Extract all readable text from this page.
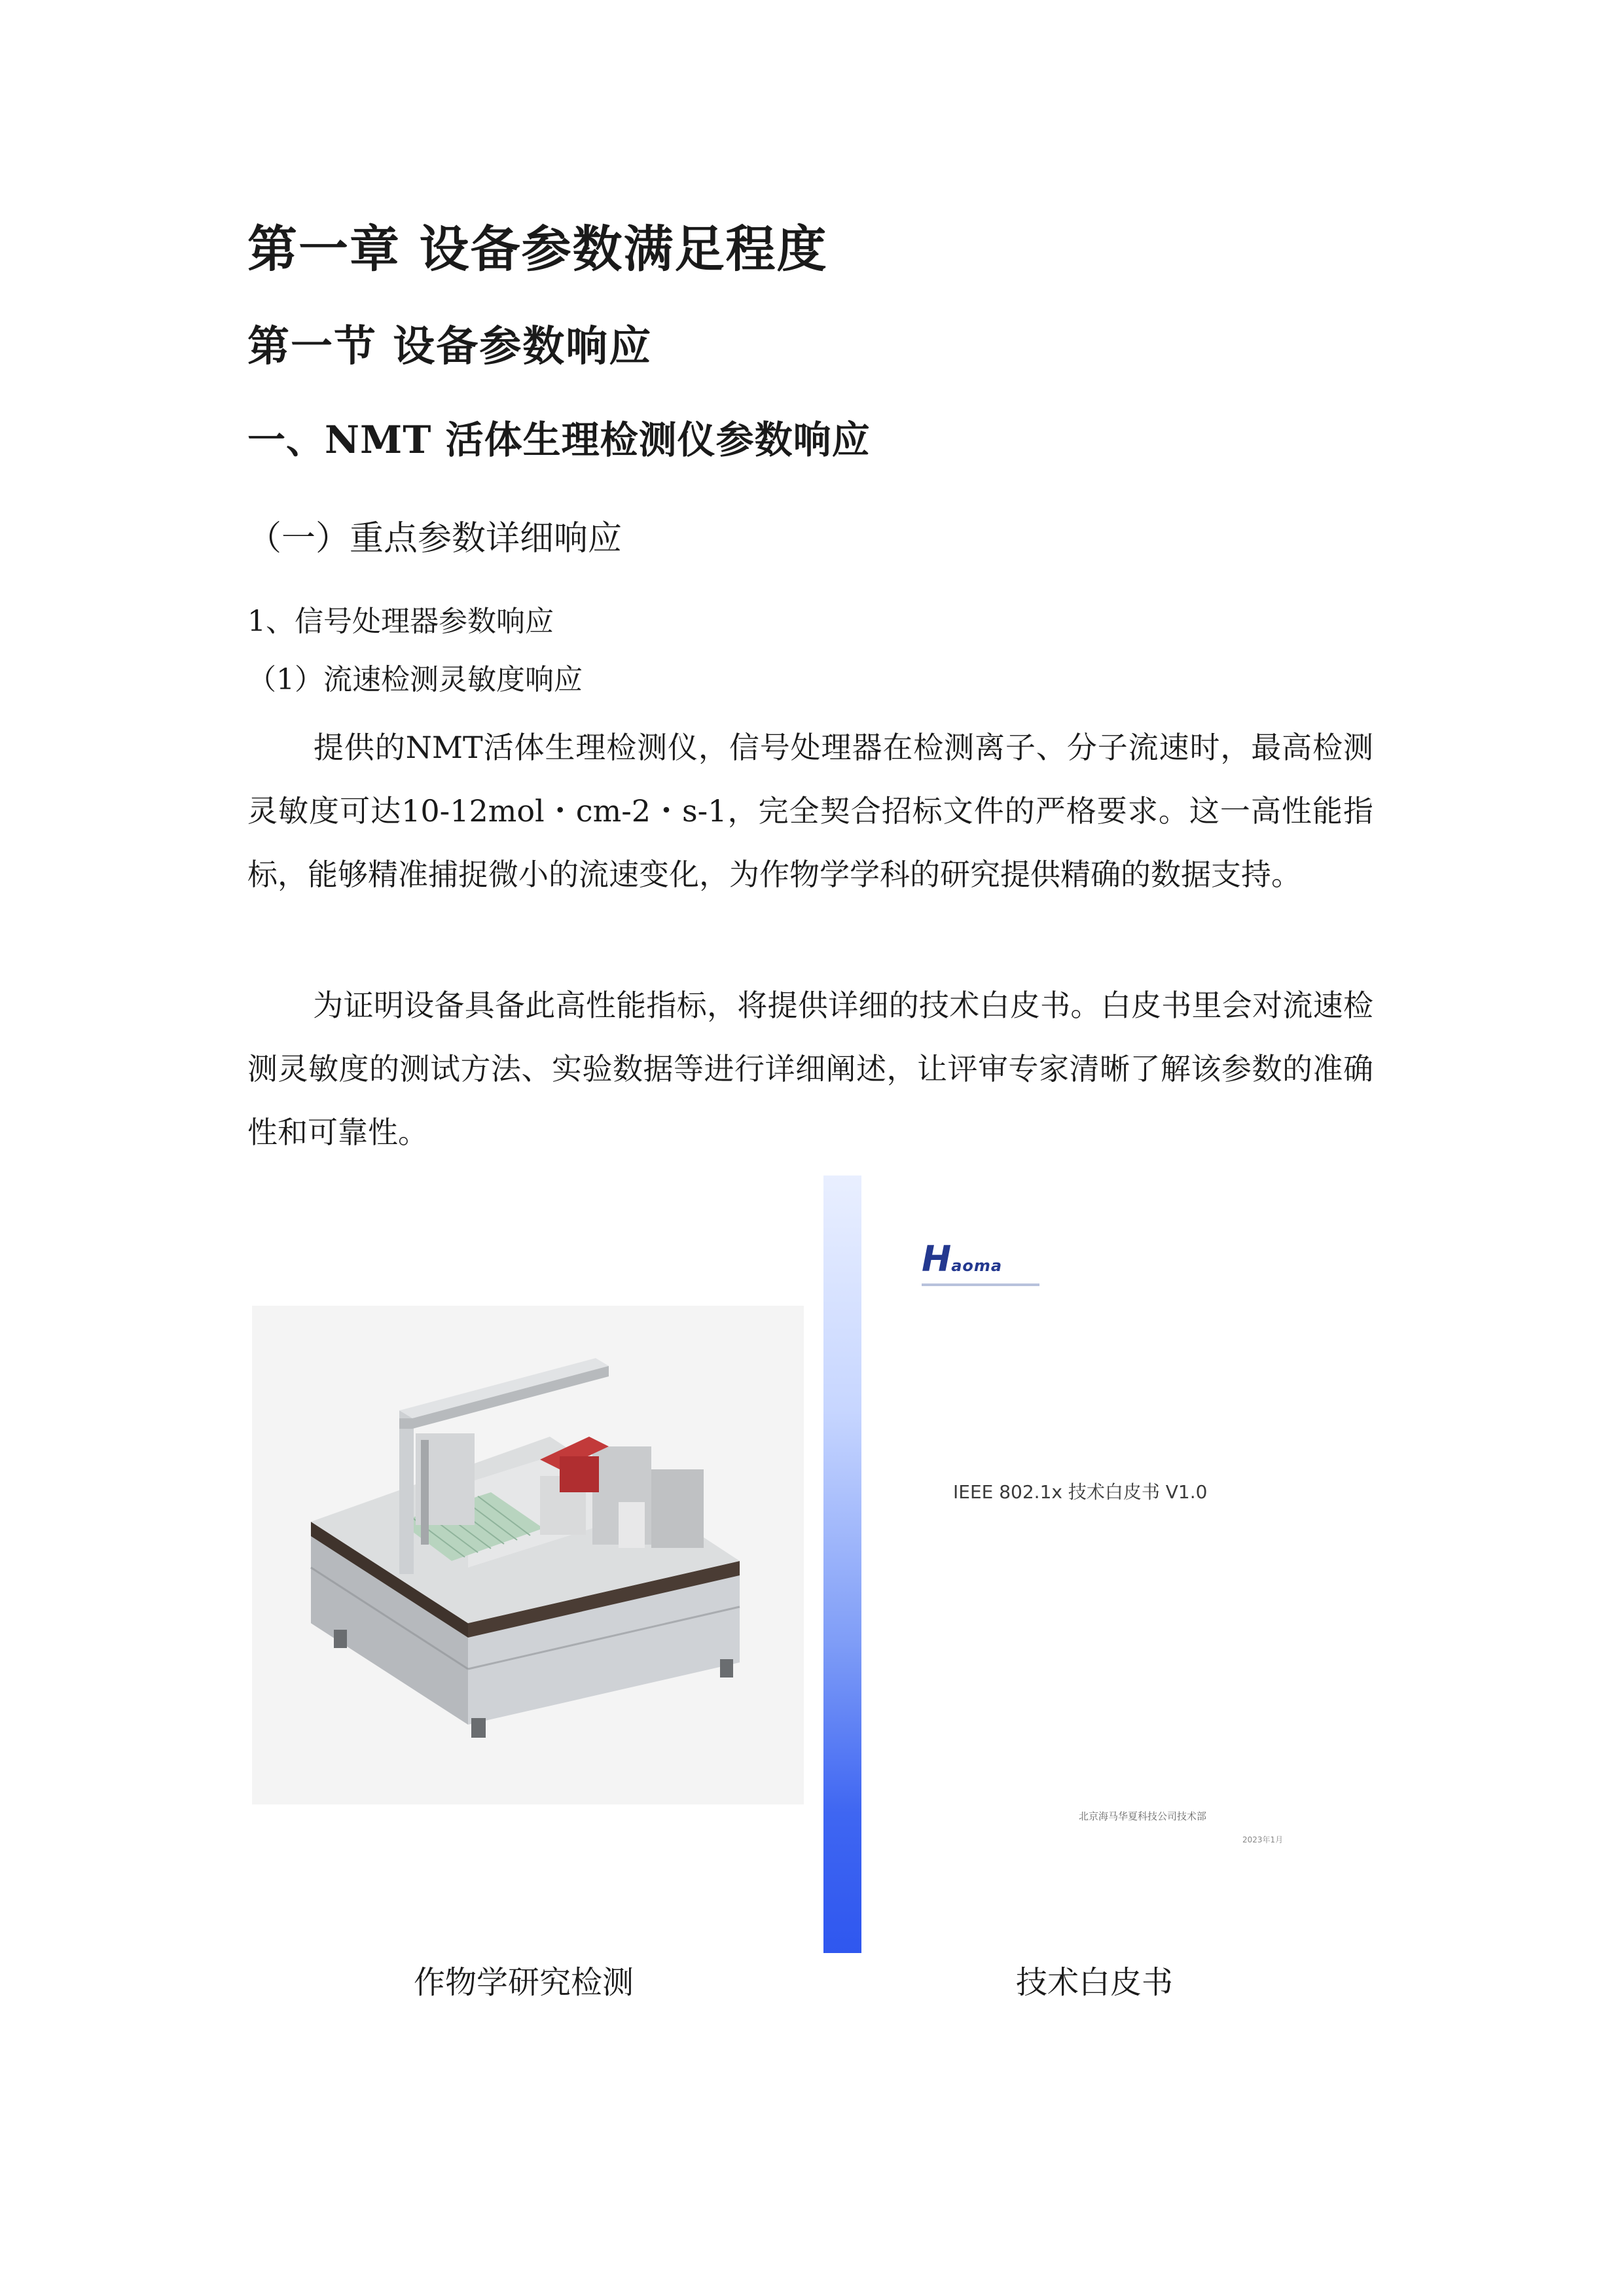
第一章 设备参数满足程度
第一节 设备参数响应
一、NMT 活体生理检测仪参数响应
（一）重点参数详细响应
1、信号处理器参数响应
（1）流速检测灵敏度响应

提供的NMT活体生理检测仪，信号处理器在检测离子、分子流速时，最高检测灵敏度可达10-12mol・cm-2・s-1，完全契合招标文件的严格要求。这一高性能指标，能够精准捕捉微小的流速变化，为作物学学科的研究提供精确的数据支持。

为证明设备具备此高性能指标，将提供详细的技术白皮书。白皮书里会对流速检测灵敏度的测试方法、实验数据等进行详细阐述，让评审专家清晰了解该参数的准确性和可靠性。

Haoma
IEEE 802.1x 技术白皮书 V1.0
北京海马华夏科技公司技术部
2023年1月
作物学研究检测	技术白皮书
